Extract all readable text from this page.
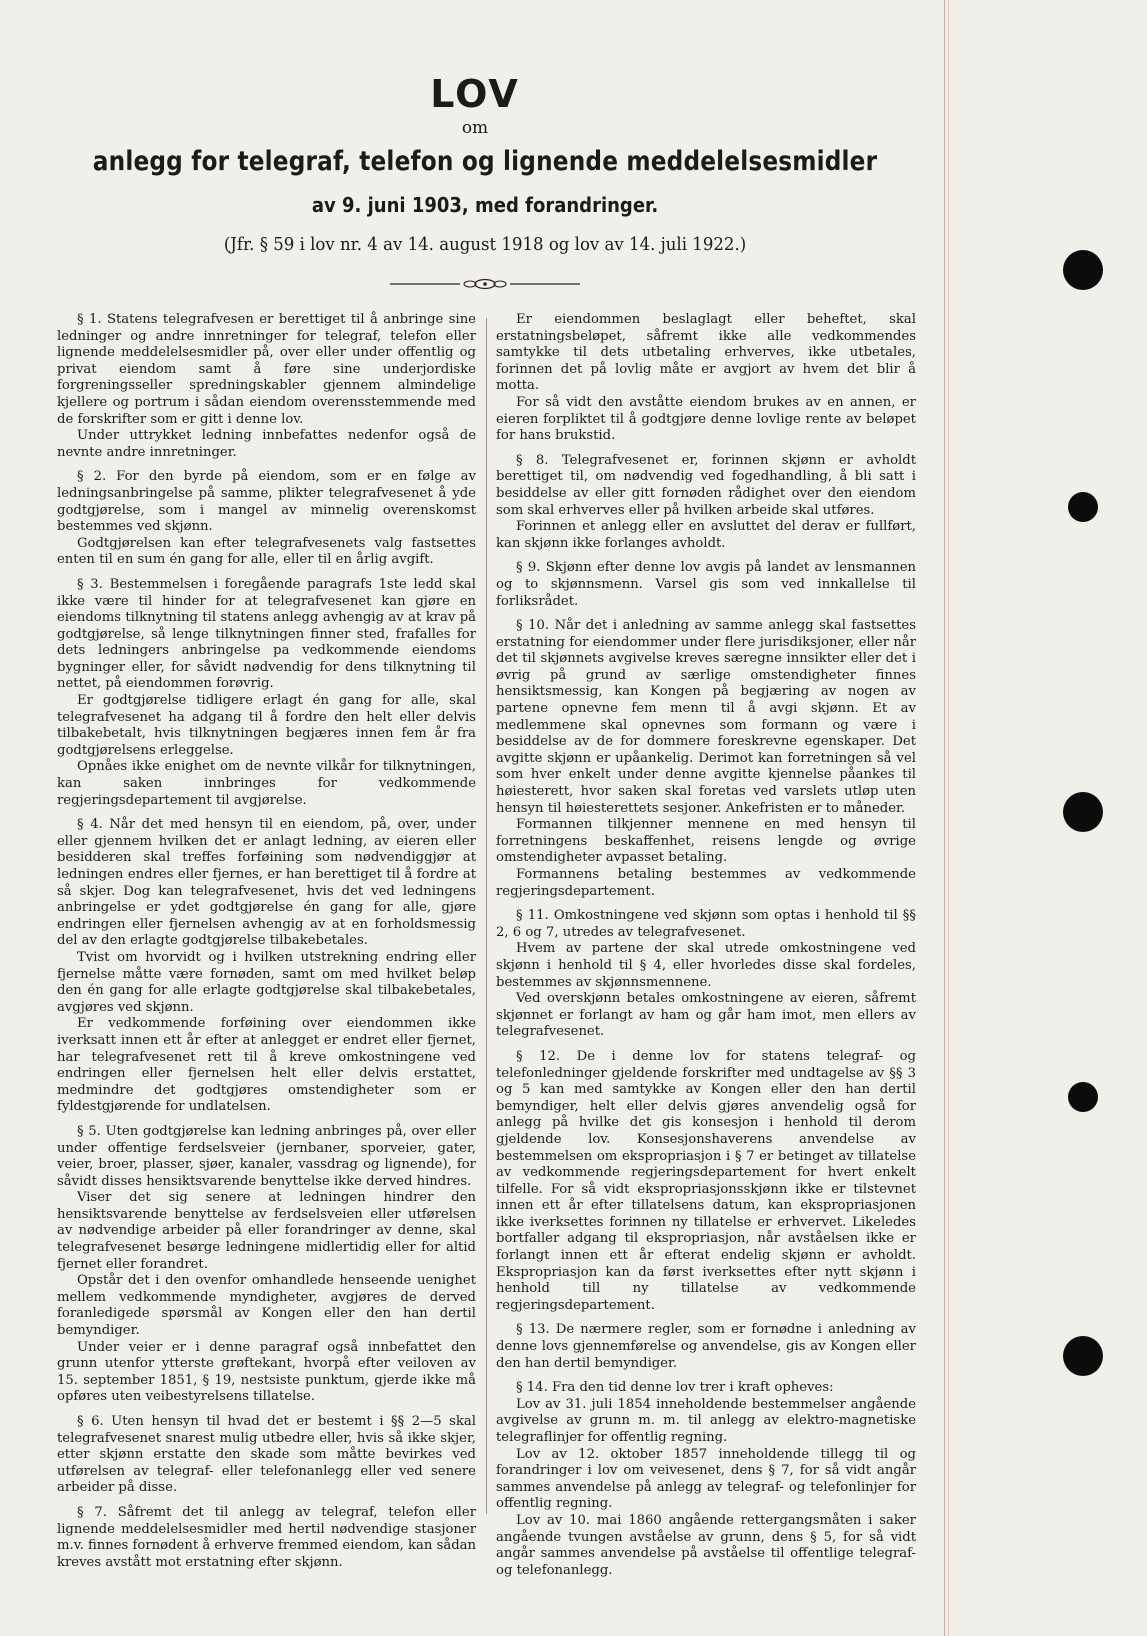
LOV
om
anlegg for telegraf, telefon og lignende meddelelsesmidler
av 9. juni 1903, med forandringer.
(Jfr. § 59 i lov nr. 4 av 14. august 1918 og lov av 14. juli 1922.)

§ 1. Statens telegrafvesen er berettiget til å anbringe sine ledninger og andre innretninger for telegraf, telefon eller lignende meddelelsesmidler på, over eller under offentlig og privat eiendom samt å føre sine underjordiske forgreningsseller spredningskabler gjennem almindelige kjellere og portrum i sådan eiendom overensstemmende med de forskrifter som er gitt i denne lov.

Under uttrykket ledning innbefattes nedenfor også de nevnte andre innretninger.

§ 2. For den byrde på eiendom, som er en følge av ledningsanbringelse på samme, plikter telegrafvesenet å yde godtgjørelse, som i mangel av minnelig overenskomst bestemmes ved skjønn.

Godtgjørelsen kan efter telegrafvesenets valg fastsettes enten til en sum én gang for alle, eller til en årlig avgift.

§ 3. Bestemmelsen i foregående paragrafs 1ste ledd skal ikke være til hinder for at telegrafvesenet kan gjøre en eiendoms tilknytning til statens anlegg avhengig av at krav på godtgjørelse, så lenge tilknytningen finner sted, frafalles for dets ledningers anbringelse pa vedkommende eiendoms bygninger eller, for såvidt nødvendig for dens tilknytning til nettet, på eiendommen forøvrig.

Er godtgjørelse tidligere erlagt én gang for alle, skal telegrafvesenet ha adgang til å fordre den helt eller delvis tilbakebetalt, hvis tilknytningen begjæres innen fem år fra godtgjørelsens erleggelse.

Opnåes ikke enighet om de nevnte vilkår for tilknytningen, kan saken innbringes for vedkommende regjeringsdepartement til avgjørelse.

§ 4. Når det med hensyn til en eiendom, på, over, under eller gjennem hvilken det er anlagt ledning, av eieren eller besidderen skal treffes forføining som nødvendiggjør at ledningen endres eller fjernes, er han berettiget til å fordre at så skjer. Dog kan telegrafvesenet, hvis det ved ledningens anbringelse er ydet godtgjørelse én gang for alle, gjøre endringen eller fjernelsen avhengig av at en forholdsmessig del av den erlagte godtgjørelse tilbakebetales.

Tvist om hvorvidt og i hvilken utstrekning endring eller fjernelse måtte være fornøden, samt om med hvilket beløp den én gang for alle erlagte godtgjørelse skal tilbakebetales, avgjøres ved skjønn.

Er vedkommende forføining over eiendommen ikke iverksatt innen ett år efter at anlegget er endret eller fjernet, har telegrafvesenet rett til å kreve omkostningene ved endringen eller fjernelsen helt eller delvis erstattet, medmindre det godtgjøres omstendigheter som er fyldestgjørende for undlatelsen.

§ 5. Uten godtgjørelse kan ledning anbringes på, over eller under offentige ferdselsveier (jernbaner, sporveier, gater, veier, broer, plasser, sjøer, kanaler, vassdrag og lignende), for såvidt disses hensiktsvarende benyttelse ikke derved hindres.

Viser det sig senere at ledningen hindrer den hensiktsvarende benyttelse av ferdselsveien eller utførelsen av nødvendige arbeider på eller forandringer av denne, skal telegrafvesenet besørge ledningene midlertidig eller for altid fjernet eller forandret.

Opstår det i den ovenfor omhandlede henseende uenighet mellem vedkommende myndigheter, avgjøres de derved foranledigede spørsmål av Kongen eller den han dertil bemyndiger.

Under veier er i denne paragraf også innbefattet den grunn utenfor ytterste grøftekant, hvorpå efter veiloven av 15. september 1851, § 19, nestsiste punktum, gjerde ikke må opføres uten veibestyrelsens tillatelse.

§ 6. Uten hensyn til hvad det er bestemt i §§ 2—5 skal telegrafvesenet snarest mulig utbedre eller, hvis så ikke skjer, etter skjønn erstatte den skade som måtte bevirkes ved utførelsen av telegraf- eller telefonanlegg eller ved senere arbeider på disse.

§ 7. Såfremt det til anlegg av telegraf, telefon eller lignende meddelelsesmidler med hertil nødvendige stasjoner m.v. finnes fornødent å erhverve fremmed eiendom, kan sådan kreves avstått mot erstatning efter skjønn.

Er eiendommen beslaglagt eller beheftet, skal erstatningsbeløpet, såfremt ikke alle vedkommendes samtykke til dets utbetaling erhverves, ikke utbetales, forinnen det på lovlig måte er avgjort av hvem det blir å motta.

For så vidt den avståtte eiendom brukes av en annen, er eieren forpliktet til å godtgjøre denne lovlige rente av beløpet for hans brukstid.

§ 8. Telegrafvesenet er, forinnen skjønn er avholdt berettiget til, om nødvendig ved fogedhandling, å bli satt i besiddelse av eller gitt fornøden rådighet over den eiendom som skal erhverves eller på hvilken arbeide skal utføres.

Forinnen et anlegg eller en avsluttet del derav er fullført, kan skjønn ikke forlanges avholdt.

§ 9. Skjønn efter denne lov avgis på landet av lensmannen og to skjønnsmenn. Varsel gis som ved innkallelse til forliksrådet.

§ 10. Når det i anledning av samme anlegg skal fastsettes erstatning for eiendommer under flere jurisdiksjoner, eller når det til skjønnets avgivelse kreves særegne innsikter eller det i øvrig på grund av særlige omstendigheter finnes hensiktsmessig, kan Kongen på begjæring av nogen av partene opnevne fem menn til å avgi skjønn. Et av medlemmene skal opnevnes som formann og være i besiddelse av de for dommere foreskrevne egenskaper. Det avgitte skjønn er upåankelig. Derimot kan forretningen så vel som hver enkelt under denne avgitte kjennelse påankes til høiesterett, hvor saken skal foretas ved varslets utløp uten hensyn til høiesterettets sesjoner. Ankefristen er to måneder.

Formannen tilkjenner mennene en med hensyn til forretningens beskaffenhet, reisens lengde og øvrige omstendigheter avpasset betaling.

Formannens betaling bestemmes av vedkommende regjeringsdepartement.

§ 11. Omkostningene ved skjønn som optas i henhold til §§ 2, 6 og 7, utredes av telegrafvesenet.

Hvem av partene der skal utrede omkostningene ved skjønn i henhold til § 4, eller hvorledes disse skal fordeles, bestemmes av skjønnsmennene.

Ved overskjønn betales omkostningene av eieren, såfremt skjønnet er forlangt av ham og går ham imot, men ellers av telegrafvesenet.

§ 12. De i denne lov for statens telegraf- og telefonledninger gjeldende forskrifter med undtagelse av §§ 3 og 5 kan med samtykke av Kongen eller den han dertil bemyndiger, helt eller delvis gjøres anvendelig også for anlegg på hvilke det gis konsesjon i henhold til derom gjeldende lov. Konsesjonshaverens anvendelse av bestemmelsen om ekspropriasjon i § 7 er betinget av tillatelse av vedkommende regjeringsdepartement for hvert enkelt tilfelle. For så vidt ekspropriasjonsskjønn ikke er tilstevnet innen ett år efter tillatelsens datum, kan ekspropriasjonen ikke iverksettes forinnen ny tillatelse er erhvervet. Likeledes bortfaller adgang til ekspropriasjon, når avståelsen ikke er forlangt innen ett år efterat endelig skjønn er avholdt. Ekspropriasjon kan da først iverksettes efter nytt skjønn i henhold till ny tillatelse av vedkommende regjeringsdepartement.

§ 13. De nærmere regler, som er fornødne i anledning av denne lovs gjennemførelse og anvendelse, gis av Kongen eller den han dertil bemyndiger.

§ 14. Fra den tid denne lov trer i kraft opheves:

Lov av 31. juli 1854 inneholdende bestemmelser angående avgivelse av grunn m. m. til anlegg av elektro-magnetiske telegraflinjer for offentlig regning.

Lov av 12. oktober 1857 inneholdende tillegg til og forandringer i lov om veivesenet, dens § 7, for så vidt angår sammes anvendelse på anlegg av telegraf- og telefonlinjer for offentlig regning.

Lov av 10. mai 1860 angående rettergangsmåten i saker angående tvungen avståelse av grunn, dens § 5, for så vidt angår sammes anvendelse på avståelse til offentlige telegraf- og telefonanlegg.
